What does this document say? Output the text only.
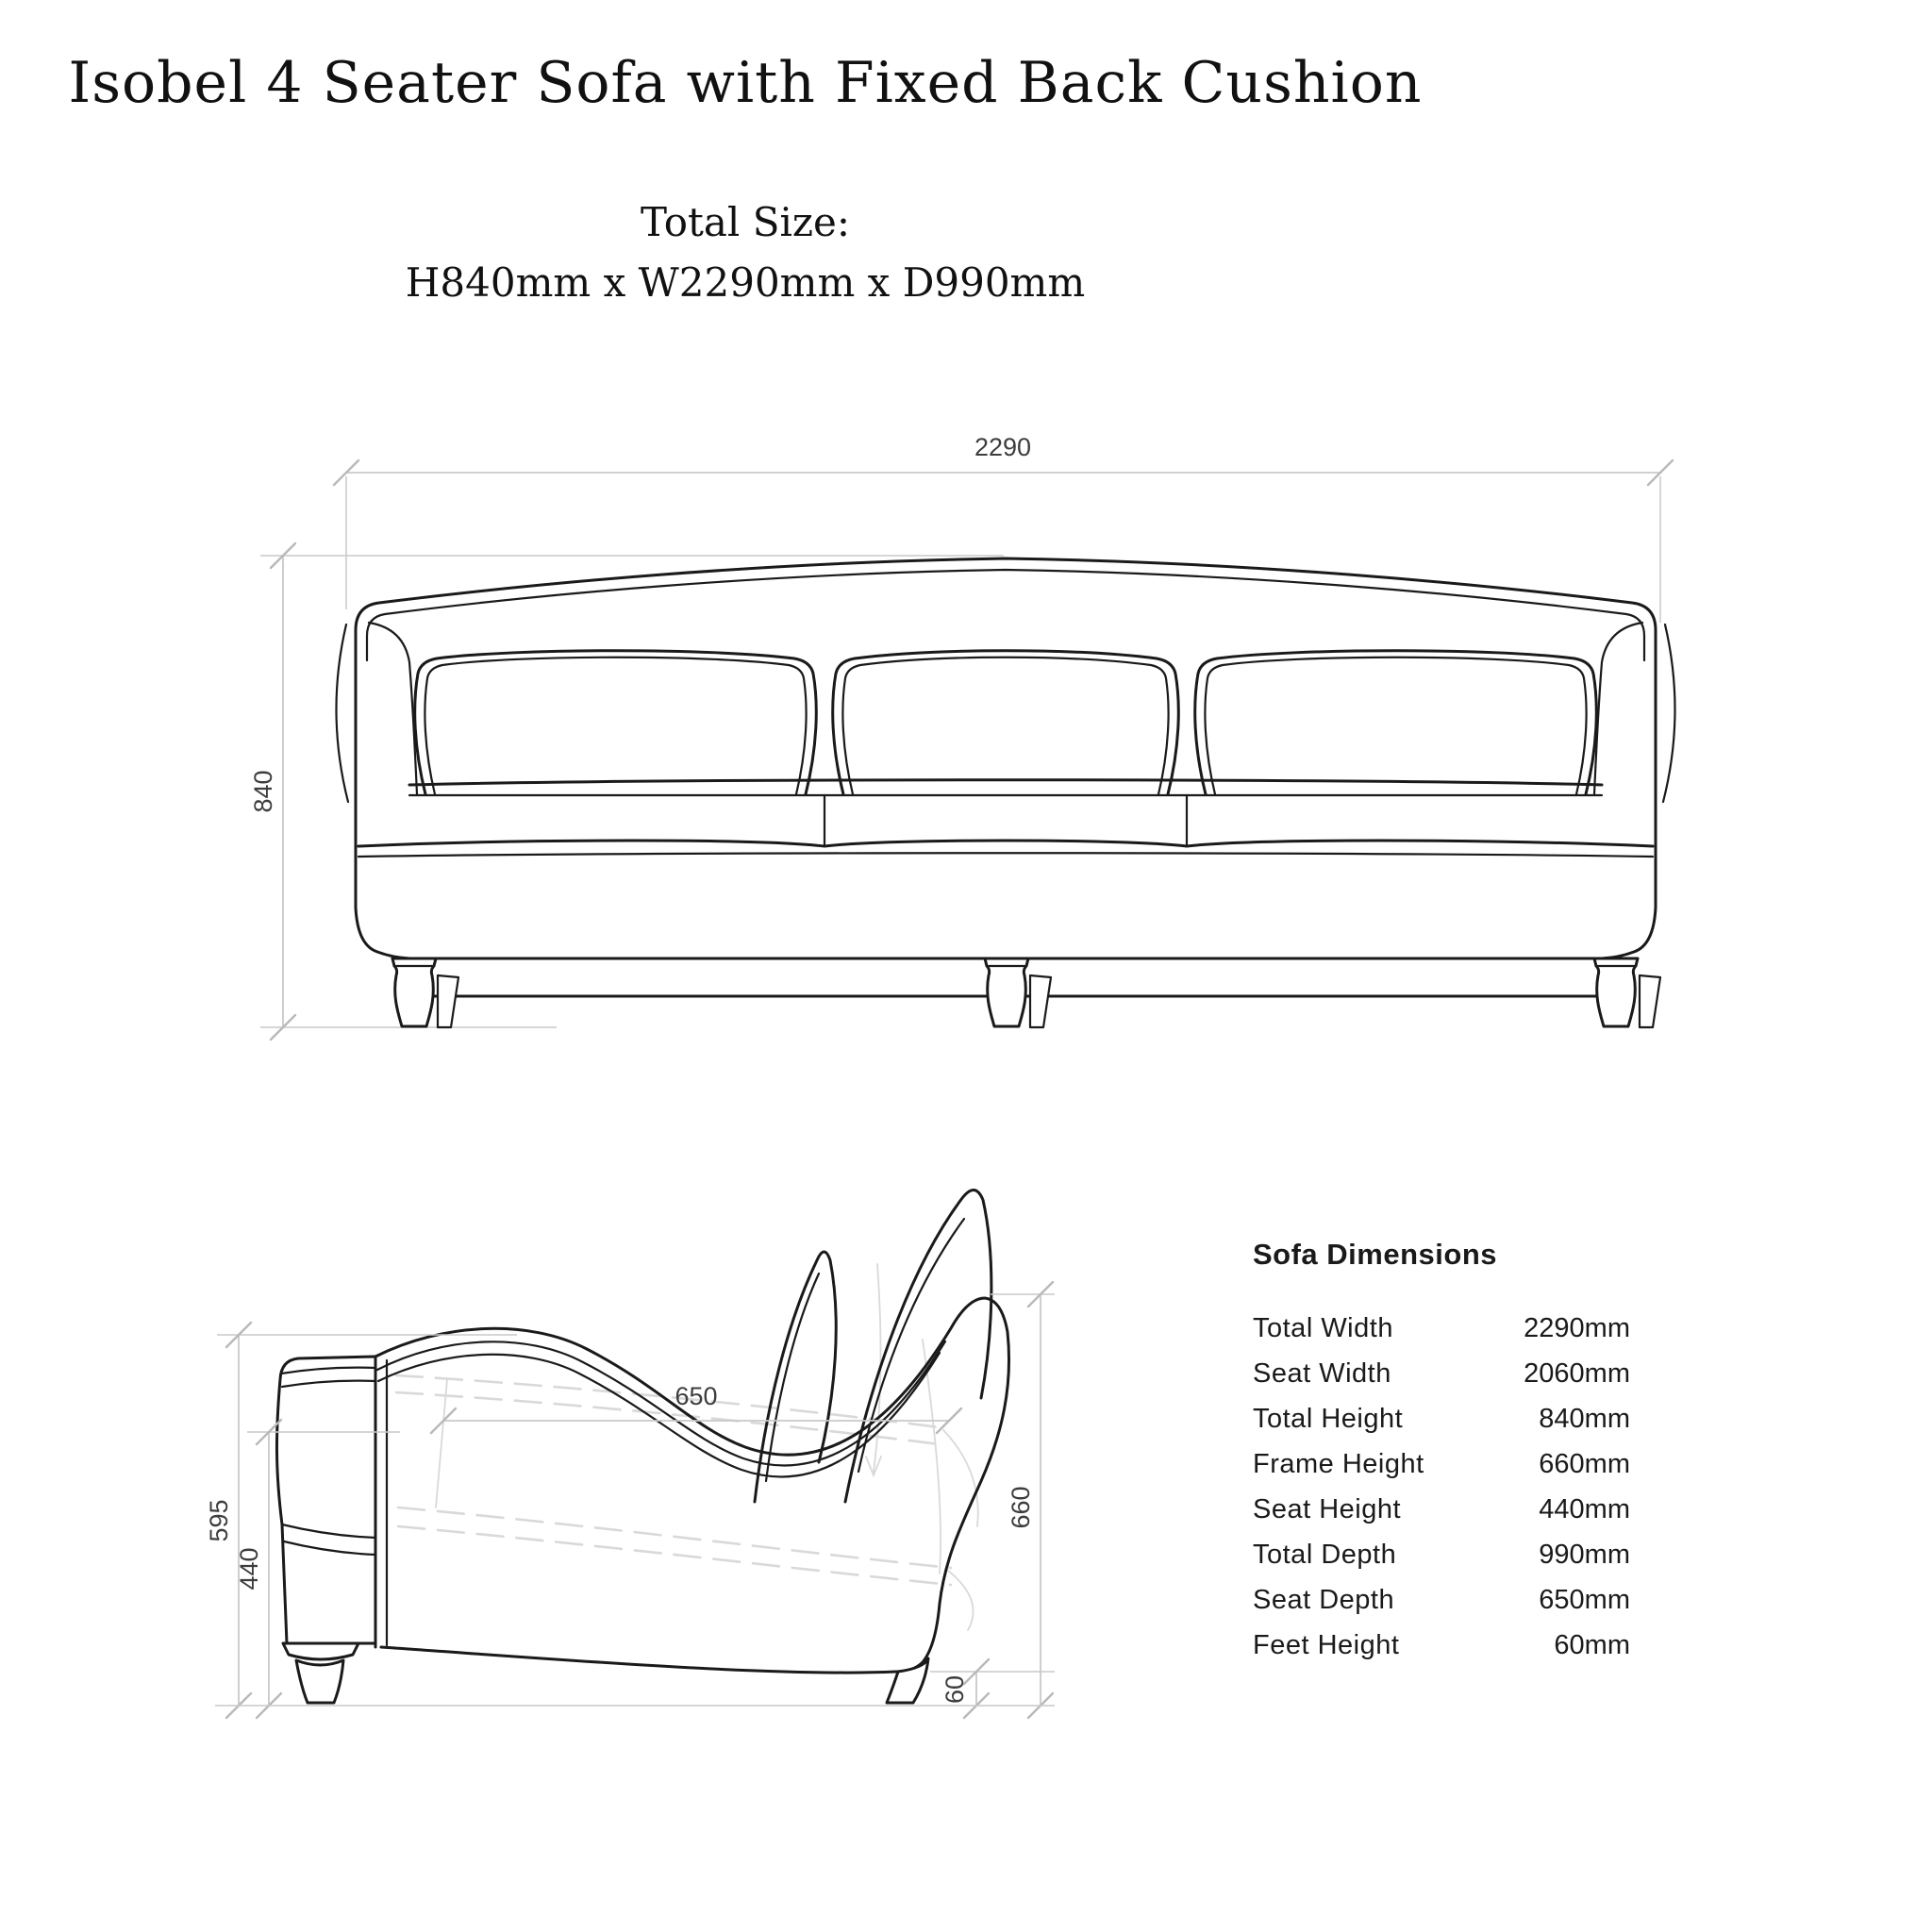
Isobel 4 Seater Sofa with Fixed Back Cushion
Total Size:
H840mm x W2290mm x D990mm
2290
840
595
440
650
660
60

Sofa Dimensions

Total Width	2290mm
Seat Width	2060mm
Total Height	840mm
Frame Height	660mm
Seat Height	440mm
Total Depth	990mm
Seat Depth	650mm
Feet Height	60mm
